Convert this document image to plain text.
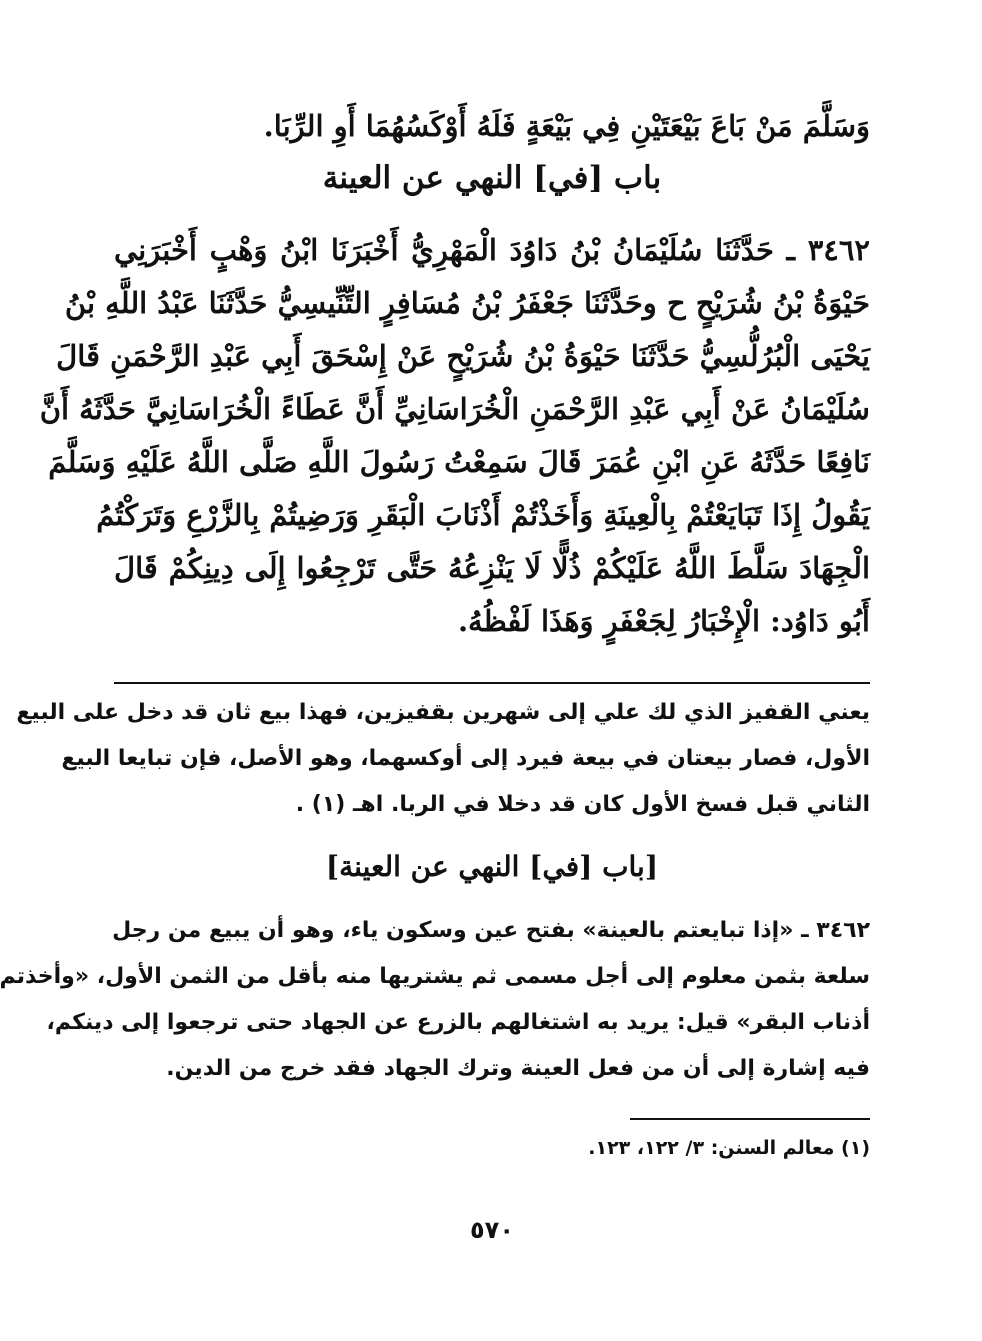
وَسَلَّمَ مَنْ بَاعَ بَيْعَتَيْنِ فِي بَيْعَةٍ فَلَهُ أَوْكَسُهُمَا أَوِ الرِّبَا.
باب [في] النهي عن العينة
٣٤٦٢ ـ حَدَّثَنَا سُلَيْمَانُ بْنُ دَاوُدَ الْمَهْرِيُّ أَخْبَرَنَا ابْنُ وَهْبٍ أَخْبَرَنِي
حَيْوَةُ بْنُ شُرَيْحٍ ح وحَدَّثَنَا جَعْفَرُ بْنُ مُسَافِرٍ التِّنِّيسِيُّ حَدَّثَنَا عَبْدُ اللَّهِ بْنُ
يَحْيَى الْبُرُلُّسِيُّ حَدَّثَنَا حَيْوَةُ بْنُ شُرَيْحٍ عَنْ إِسْحَقَ أَبِي عَبْدِ الرَّحْمَنِ قَالَ
سُلَيْمَانُ عَنْ أَبِي عَبْدِ الرَّحْمَنِ الْخُرَاسَانِيِّ أَنَّ عَطَاءً الْخُرَاسَانِيَّ حَدَّثَهُ أَنَّ
نَافِعًا حَدَّثَهُ عَنِ ابْنِ عُمَرَ قَالَ سَمِعْتُ رَسُولَ اللَّهِ صَلَّى اللَّهُ عَلَيْهِ وَسَلَّمَ
يَقُولُ إِذَا تَبَايَعْتُمْ بِالْعِينَةِ وَأَخَذْتُمْ أَذْنَابَ الْبَقَرِ وَرَضِيتُمْ بِالزَّرْعِ وَتَرَكْتُمُ
الْجِهَادَ سَلَّطَ اللَّهُ عَلَيْكُمْ ذُلًّا لَا يَنْزِعُهُ حَتَّى تَرْجِعُوا إِلَى دِينِكُمْ قَالَ
أَبُو دَاوُد: الْإِخْبَارُ لِجَعْفَرٍ وَهَذَا لَفْظُهُ.
يعني القفيز الذي لك علي إلى شهرين بقفيزين، فهذا بيع ثان قد دخل على البيع
الأول، فصار بيعتان في بيعة فيرد إلى أوكسهما، وهو الأصل، فإن تبايعا البيع
الثاني قبل فسخ الأول كان قد دخلا في الربا. اهـ (١) .
[باب [في] النهي عن العينة]
٣٤٦٢ ـ «إذا تبايعتم بالعينة» بفتح عين وسكون ياء، وهو أن يبيع من رجل
سلعة بثمن معلوم إلى أجل مسمى ثم يشتريها منه بأقل من الثمن الأول، «وأخذتم
أذناب البقر» قيل: يريد به اشتغالهم بالزرع عن الجهاد حتى ترجعوا إلى دينكم،
فيه إشارة إلى أن من فعل العينة وترك الجهاد فقد خرج من الدين.
(١) معالم السنن: ٣/ ١٢٢، ١٢٣.
٥٧٠
